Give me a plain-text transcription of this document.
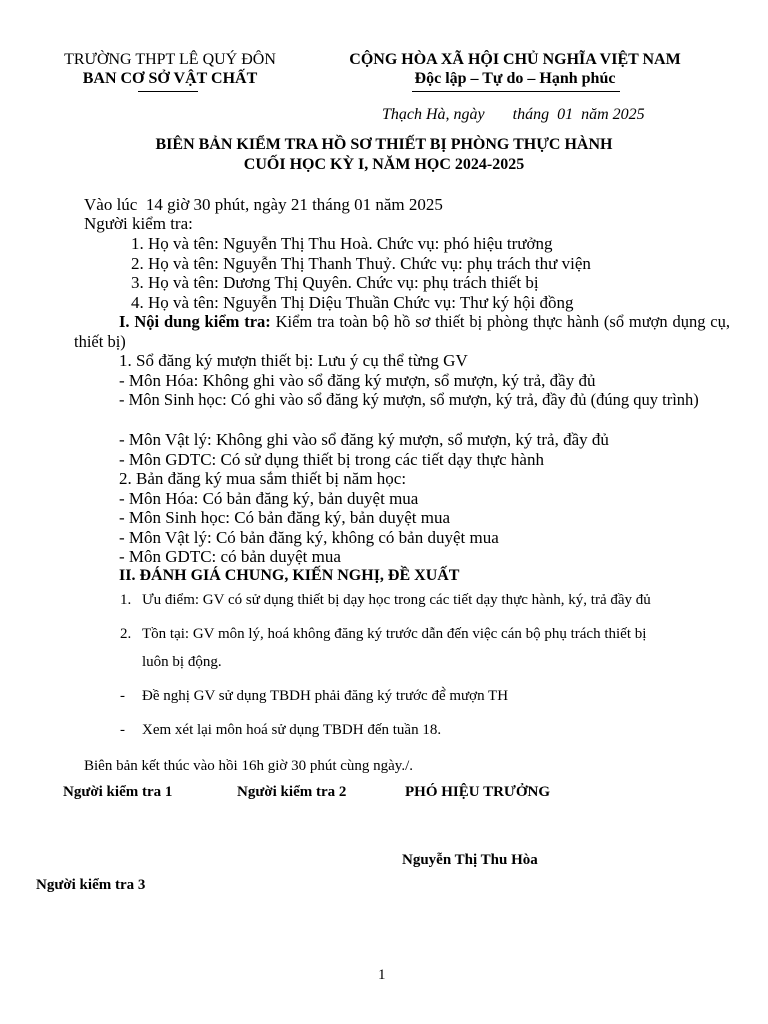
TRƯỜNG THPT LÊ QUÝ ĐÔN
BAN CƠ SỞ VẬT CHẤT
CỘNG HÒA XÃ HỘI CHỦ NGHĨA VIỆT NAM
Độc lập – Tự do – Hạnh phúc
Thạch Hà, ngày       tháng  01  năm 2025
BIÊN BẢN KIỂM TRA HỒ SƠ THIẾT BỊ PHÒNG THỰC HÀNH
CUỐI HỌC KỲ I, NĂM HỌC 2024-2025
Vào lúc  14 giờ 30 phút, ngày 21 tháng 01 năm 2025
Người kiểm tra:
1. Họ và tên: Nguyễn Thị Thu Hoà. Chức vụ: phó hiệu trưởng
2. Họ và tên: Nguyễn Thị Thanh Thuỷ. Chức vụ: phụ trách thư viện
3. Họ và tên: Dương Thị Quyên. Chức vụ: phụ trách thiết bị
4. Họ và tên: Nguyễn Thị Diệu Thuần Chức vụ: Thư ký hội đồng
I. Nội dung kiểm tra: Kiểm tra toàn bộ hồ sơ thiết bị phòng thực hành (sổ mượn dụng cụ, thiết bị)
1. Sổ đăng ký mượn thiết bị: Lưu ý cụ thể từng GV
- Môn Hóa: Không ghi vào sổ đăng ký mượn, sổ mượn, ký trả, đầy đủ
- Môn Sinh học: Có ghi vào sổ đăng ký mượn, sổ mượn, ký trả, đầy đủ (đúng quy trình)
- Môn Vật lý: Không ghi vào sổ đăng ký mượn, sổ mượn, ký trả, đầy đủ
- Môn GDTC: Có sử dụng thiết bị trong các tiết dạy thực hành
2. Bản đăng ký mua sắm thiết bị năm học:
- Môn Hóa: Có bản đăng ký, bản duyệt mua
- Môn Sinh học: Có bản đăng ký, bản duyệt mua
- Môn Vật lý: Có bản đăng ký, không có bản duyệt mua
- Môn GDTC: có bản duyệt mua
II. ĐÁNH GIÁ CHUNG, KIẾN NGHỊ, ĐỀ XUẤT
1. Ưu điểm: GV có sử dụng thiết bị dạy học trong các tiết dạy thực hành, ký, trả đầy đủ
2. Tồn tại: GV môn lý, hoá không đăng ký trước dẫn đến việc cán bộ phụ trách thiết bị
luôn bị động.
- Đề nghị GV sử dụng TBDH phải đăng ký trước để̀ mượn TH
- Xem xét lại môn hoá sử dụng TBDH đến tuần 18.
Biên bản kết thúc vào hồi 16h giờ 30 phút cùng ngày./.
Người kiểm tra 1	Người kiểm tra 2	PHÓ HIỆU TRƯỞNG
Nguyễn Thị Thu Hòa
Người kiểm tra 3
1
